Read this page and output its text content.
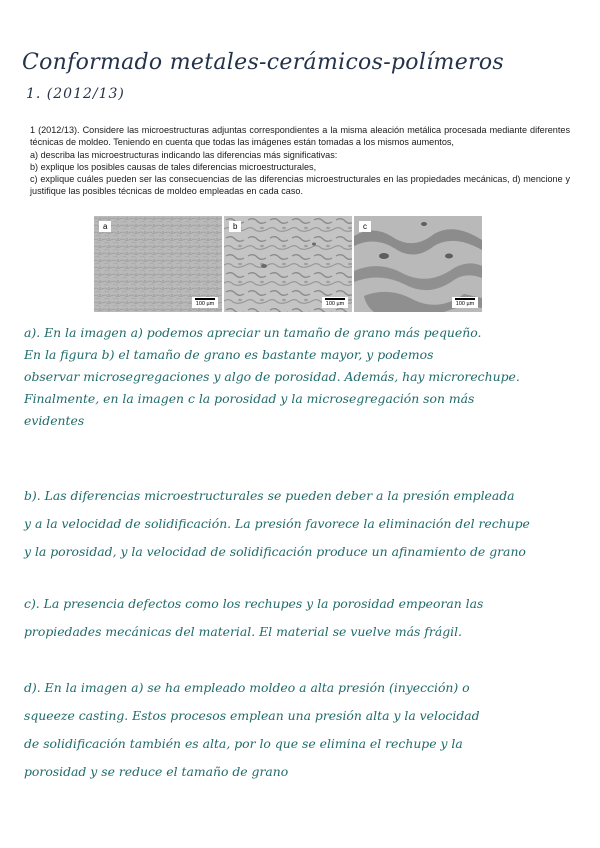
Conformado metales-cerámicos-polímeros
1. (2012/13)

1 (2012/13). Considere las microestructuras adjuntas correspondientes a la misma aleación metálica procesada mediante diferentes técnicas de moldeo. Teniendo en cuenta que todas las imágenes están tomadas a los mismos aumentos,

a) describa las microestructuras indicando las diferencias más significativas:

b) explique los posibles causas de tales diferencias microestructurales,

c) explique cuáles pueden ser las consecuencias de las diferencias microestructurales en las propiedades mecánicas, d) mencione y justifique las posibles técnicas de moldeo empleadas en cada caso.

a
100 µm
b
100 µm
c
100 µm
a). En la imagen a) podemos apreciar un tamaño de grano más pequeño.
En la figura b) el tamaño de grano es bastante mayor, y podemos
observar microsegregaciones y algo de porosidad. Además, hay microrechupe.
Finalmente, en la imagen c la porosidad y la microsegregación son más
evidentes
b). Las diferencias microestructurales se pueden deber a la presión empleada
y a la velocidad de solidificación. La presión favorece la eliminación del rechupe
y la porosidad, y la velocidad de solidificación produce un afinamiento de grano
c). La presencia defectos como los rechupes y la porosidad empeoran las
propiedades mecánicas del material. El material se vuelve más frágil.
d). En la imagen a) se ha empleado moldeo a alta presión (inyección) o
squeeze casting. Estos procesos emplean una presión alta y la velocidad
de solidificación también es alta, por lo que se elimina el rechupe y la
porosidad y se reduce el tamaño de grano
